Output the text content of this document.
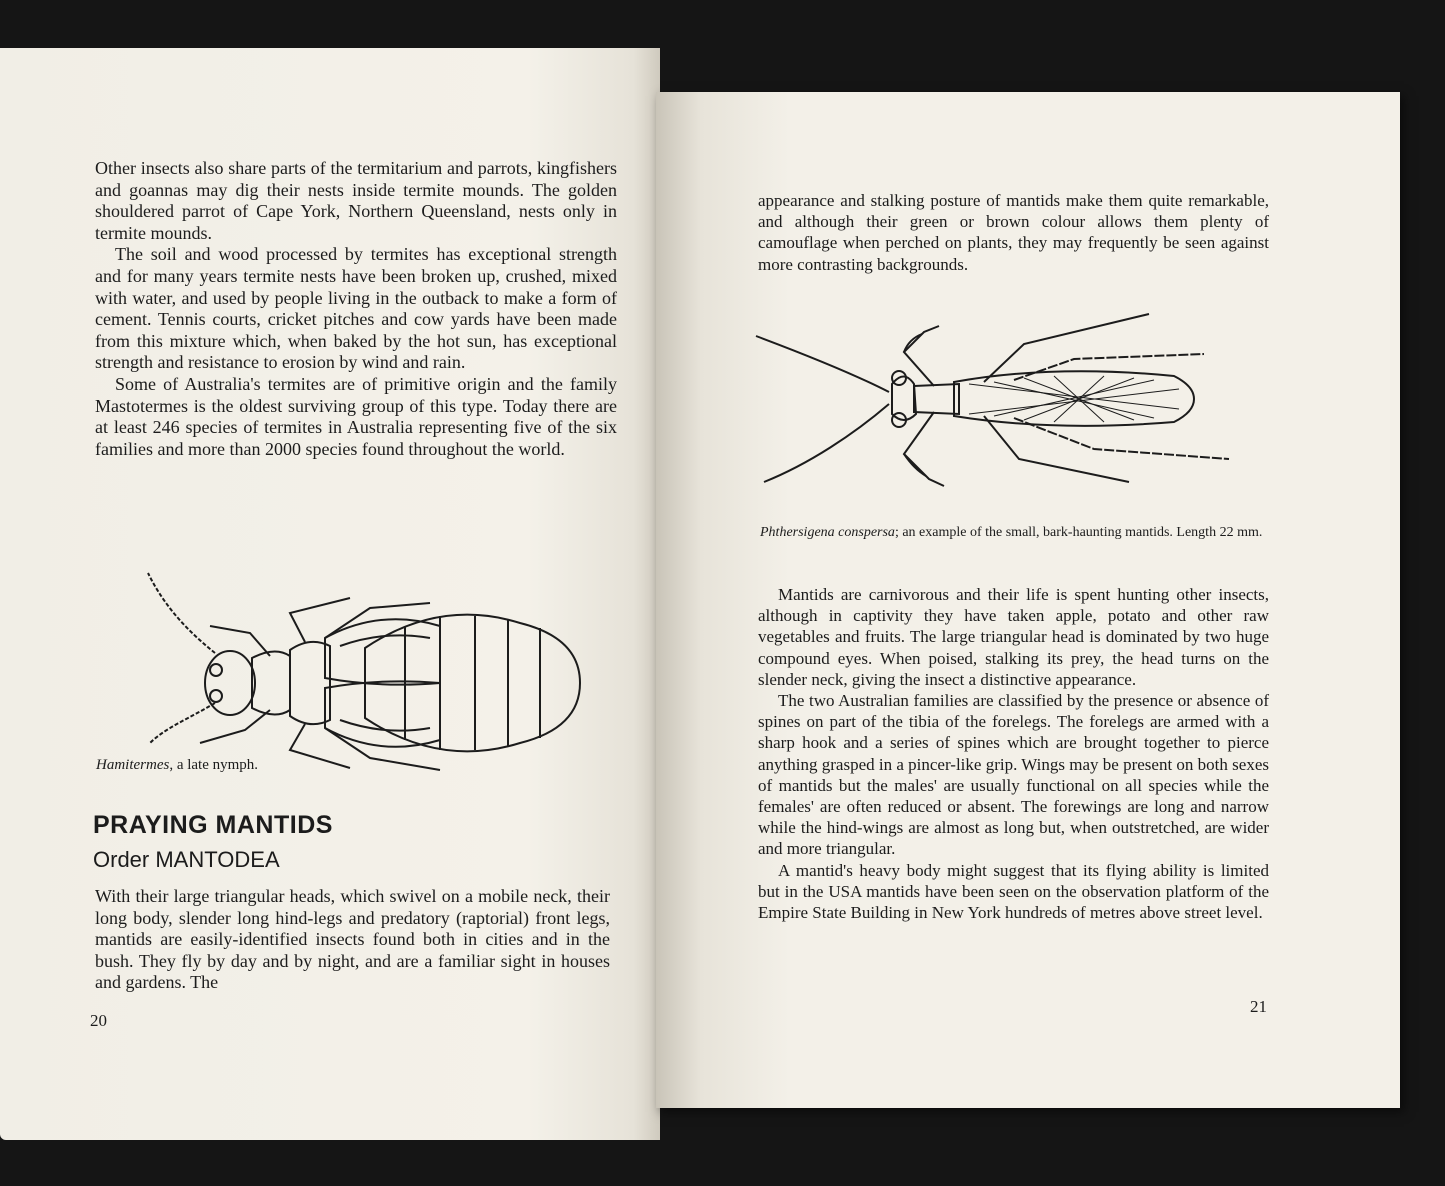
Other insects also share parts of the termitarium and parrots, kingfishers and goannas may dig their nests inside termite mounds. The golden shouldered parrot of Cape York, Northern Queensland, nests only in termite mounds.

The soil and wood processed by termites has exceptional strength and for many years termite nests have been broken up, crushed, mixed with water, and used by people living in the outback to make a form of cement. Tennis courts, cricket pitches and cow yards have been made from this mixture which, when baked by the hot sun, has exceptional strength and resistance to erosion by wind and rain.

Some of Australia's termites are of primitive origin and the family Mastotermes is the oldest surviving group of this type. Today there are at least 246 species of termites in Australia representing five of the six families and more than 2000 species found throughout the world.

Hamitermes, a late nymph.
PRAYING MANTIDS
Order MANTODEA

With their large triangular heads, which swivel on a mobile neck, their long body, slender long hind-legs and predatory (raptorial) front legs, mantids are easily-identified insects found both in cities and in the bush. They fly by day and by night, and are a familiar sight in houses and gardens. The

20

appearance and stalking posture of mantids make them quite remarkable, and although their green or brown colour allows them plenty of camouflage when perched on plants, they may frequently be seen against more contrasting backgrounds.

Phthersigena conspersa; an example of the small, bark-haunting mantids. Length 22 mm.

Mantids are carnivorous and their life is spent hunting other insects, although in captivity they have taken apple, potato and other raw vegetables and fruits. The large triangular head is dominated by two huge compound eyes. When poised, stalking its prey, the head turns on the slender neck, giving the insect a distinctive appearance.

The two Australian families are classified by the presence or absence of spines on part of the tibia of the forelegs. The forelegs are armed with a sharp hook and a series of spines which are brought together to pierce anything grasped in a pincer-like grip. Wings may be present on both sexes of mantids but the males' are usually functional on all species while the females' are often reduced or absent. The forewings are long and narrow while the hind-wings are almost as long but, when outstretched, are wider and more triangular.

A mantid's heavy body might suggest that its flying ability is limited but in the USA mantids have been seen on the observation platform of the Empire State Building in New York hundreds of metres above street level.

21
